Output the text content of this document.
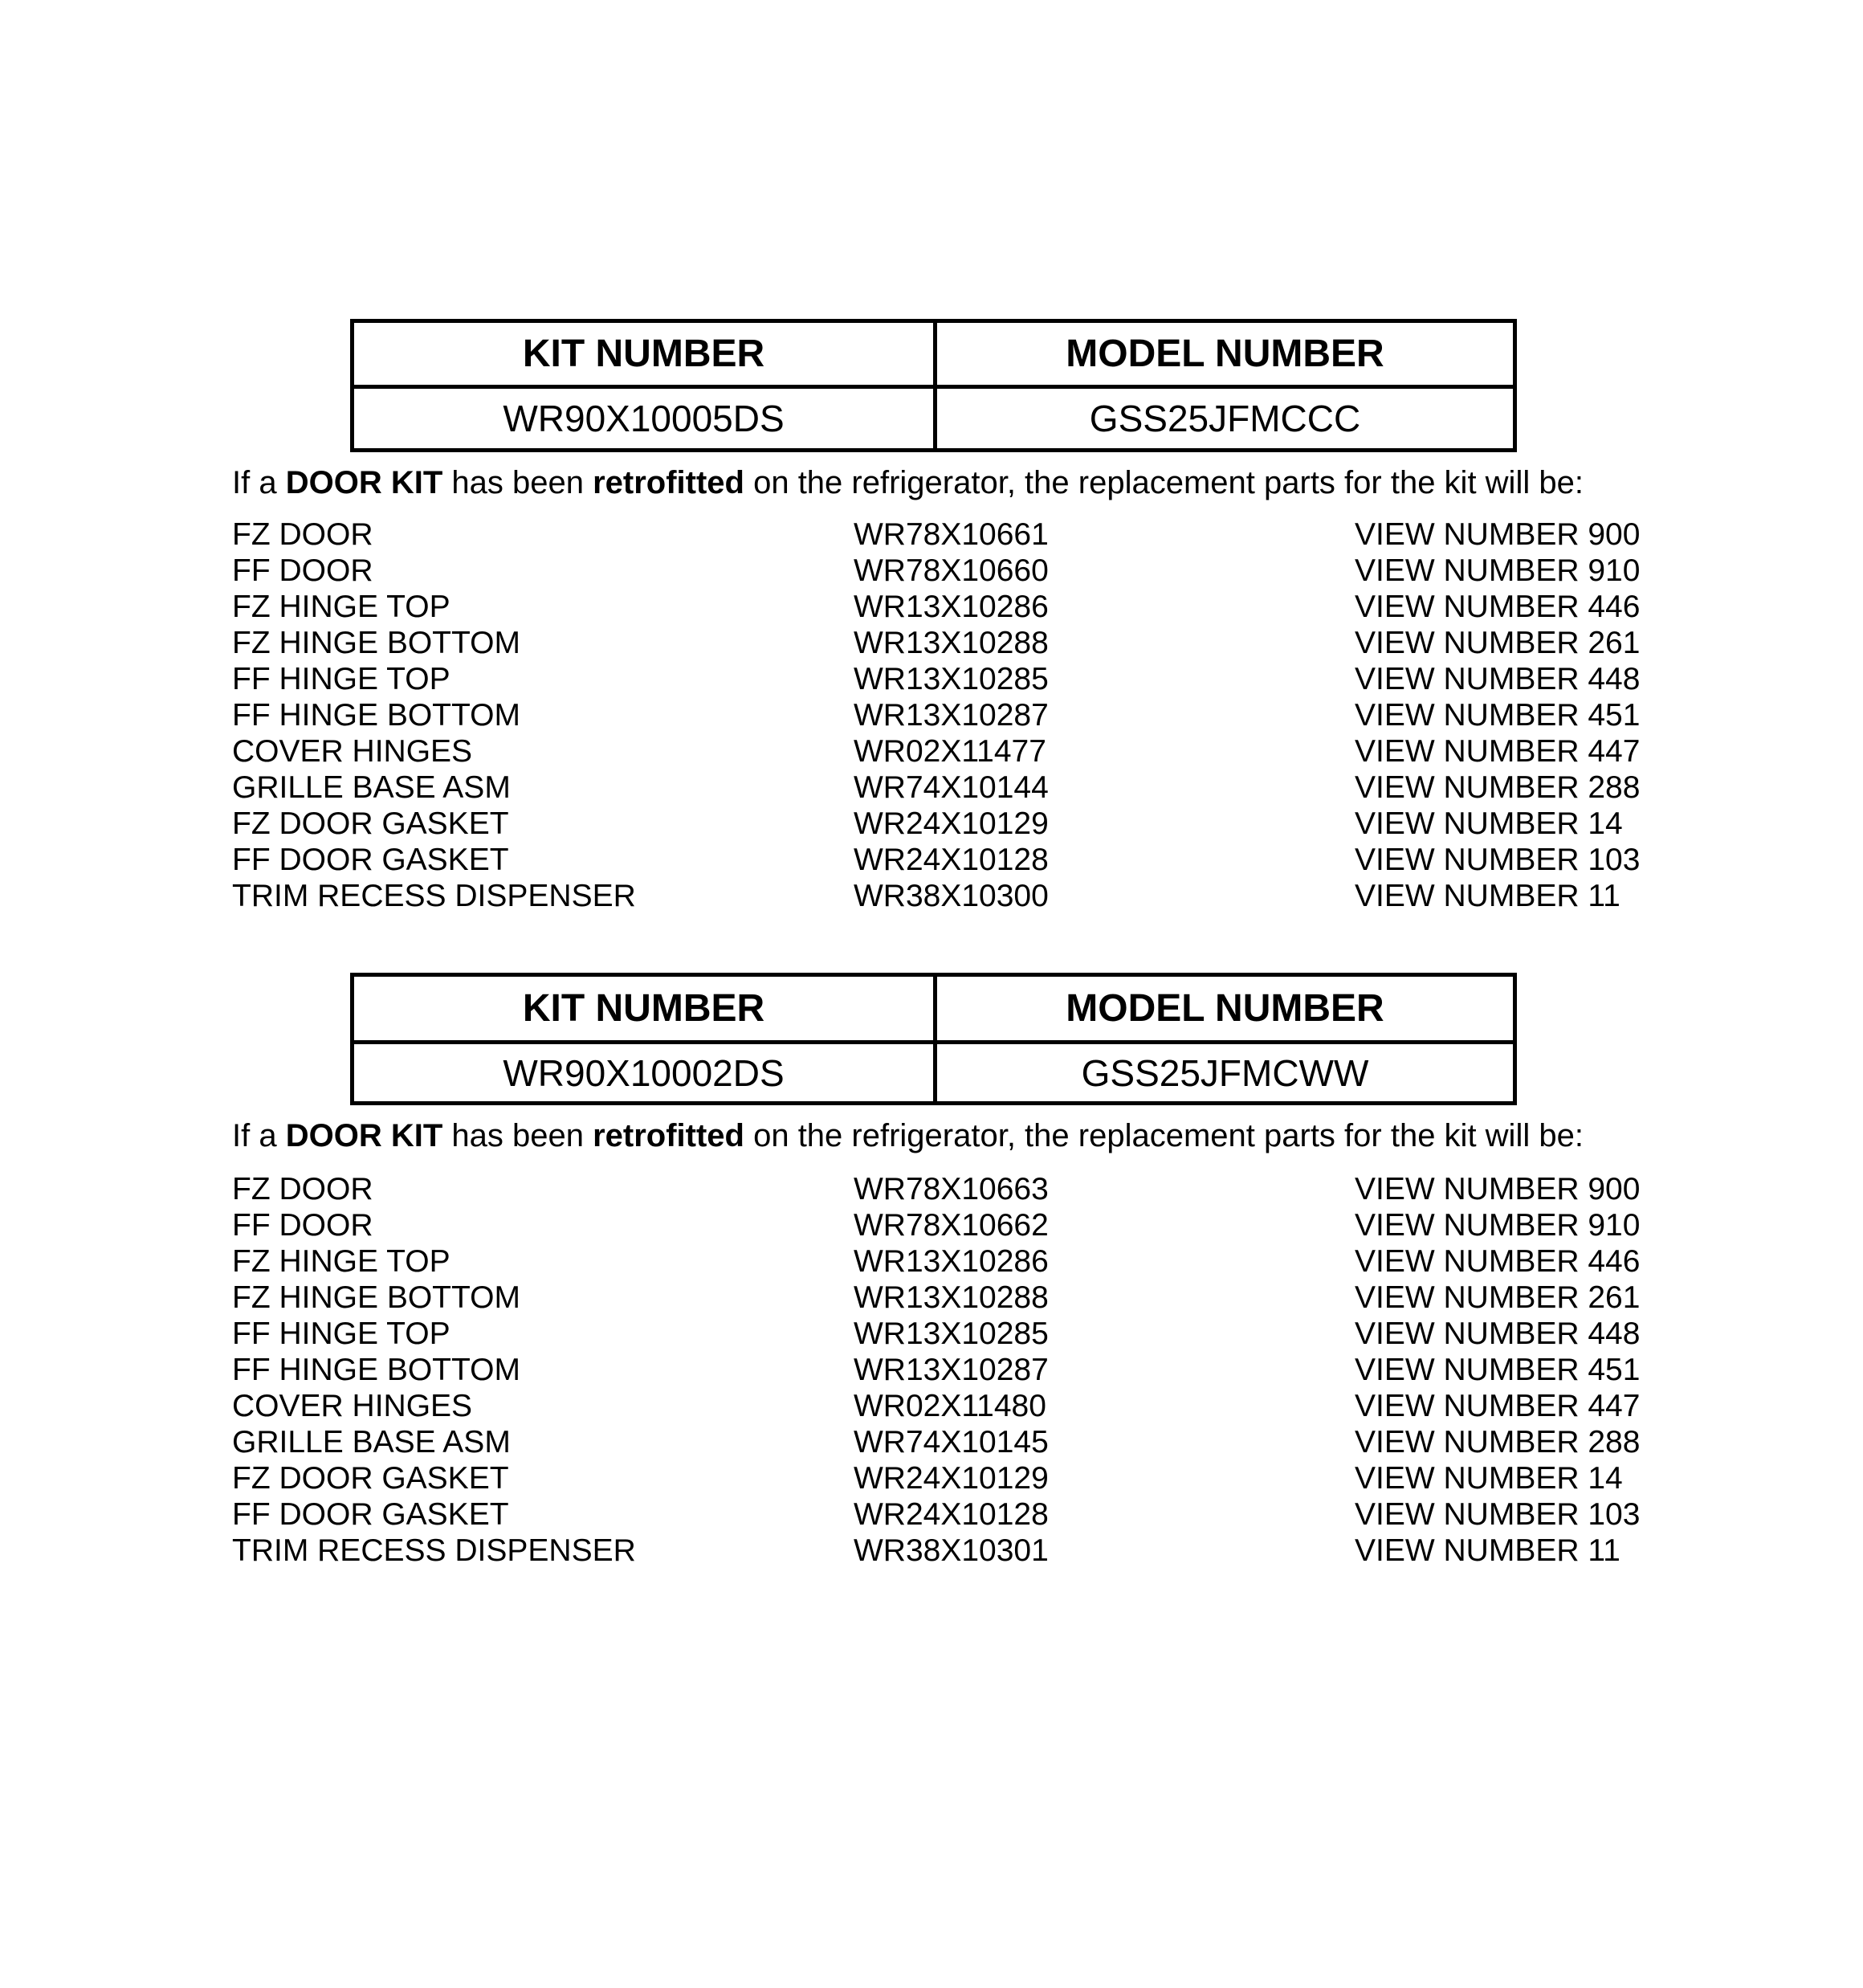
KIT NUMBER	MODEL NUMBER
WR90X10005DS	GSS25JFMCCC
If a DOOR KIT has been retrofitted on the refrigerator, the replacement parts for the kit will be:
FZ DOOR	WR78X10661	VIEW NUMBER 900
FF DOOR	WR78X10660	VIEW NUMBER 910
FZ HINGE TOP	WR13X10286	VIEW NUMBER 446
FZ HINGE BOTTOM	WR13X10288	VIEW NUMBER 261
FF HINGE TOP	WR13X10285	VIEW NUMBER 448
FF HINGE BOTTOM	WR13X10287	VIEW NUMBER 451
COVER HINGES	WR02X11477	VIEW NUMBER 447
GRILLE BASE ASM	WR74X10144	VIEW NUMBER 288
FZ DOOR GASKET	WR24X10129	VIEW NUMBER 14
FF DOOR GASKET	WR24X10128	VIEW NUMBER 103
TRIM RECESS DISPENSER	WR38X10300	VIEW NUMBER 11
KIT NUMBER	MODEL NUMBER
WR90X10002DS	GSS25JFMCWW
If a DOOR KIT has been retrofitted on the refrigerator, the replacement parts for the kit will be:
FZ DOOR	WR78X10663	VIEW NUMBER 900
FF DOOR	WR78X10662	VIEW NUMBER 910
FZ HINGE TOP	WR13X10286	VIEW NUMBER 446
FZ HINGE BOTTOM	WR13X10288	VIEW NUMBER 261
FF HINGE TOP	WR13X10285	VIEW NUMBER 448
FF HINGE BOTTOM	WR13X10287	VIEW NUMBER 451
COVER HINGES	WR02X11480	VIEW NUMBER 447
GRILLE BASE ASM	WR74X10145	VIEW NUMBER 288
FZ DOOR GASKET	WR24X10129	VIEW NUMBER 14
FF DOOR GASKET	WR24X10128	VIEW NUMBER 103
TRIM RECESS DISPENSER	WR38X10301	VIEW NUMBER 11
